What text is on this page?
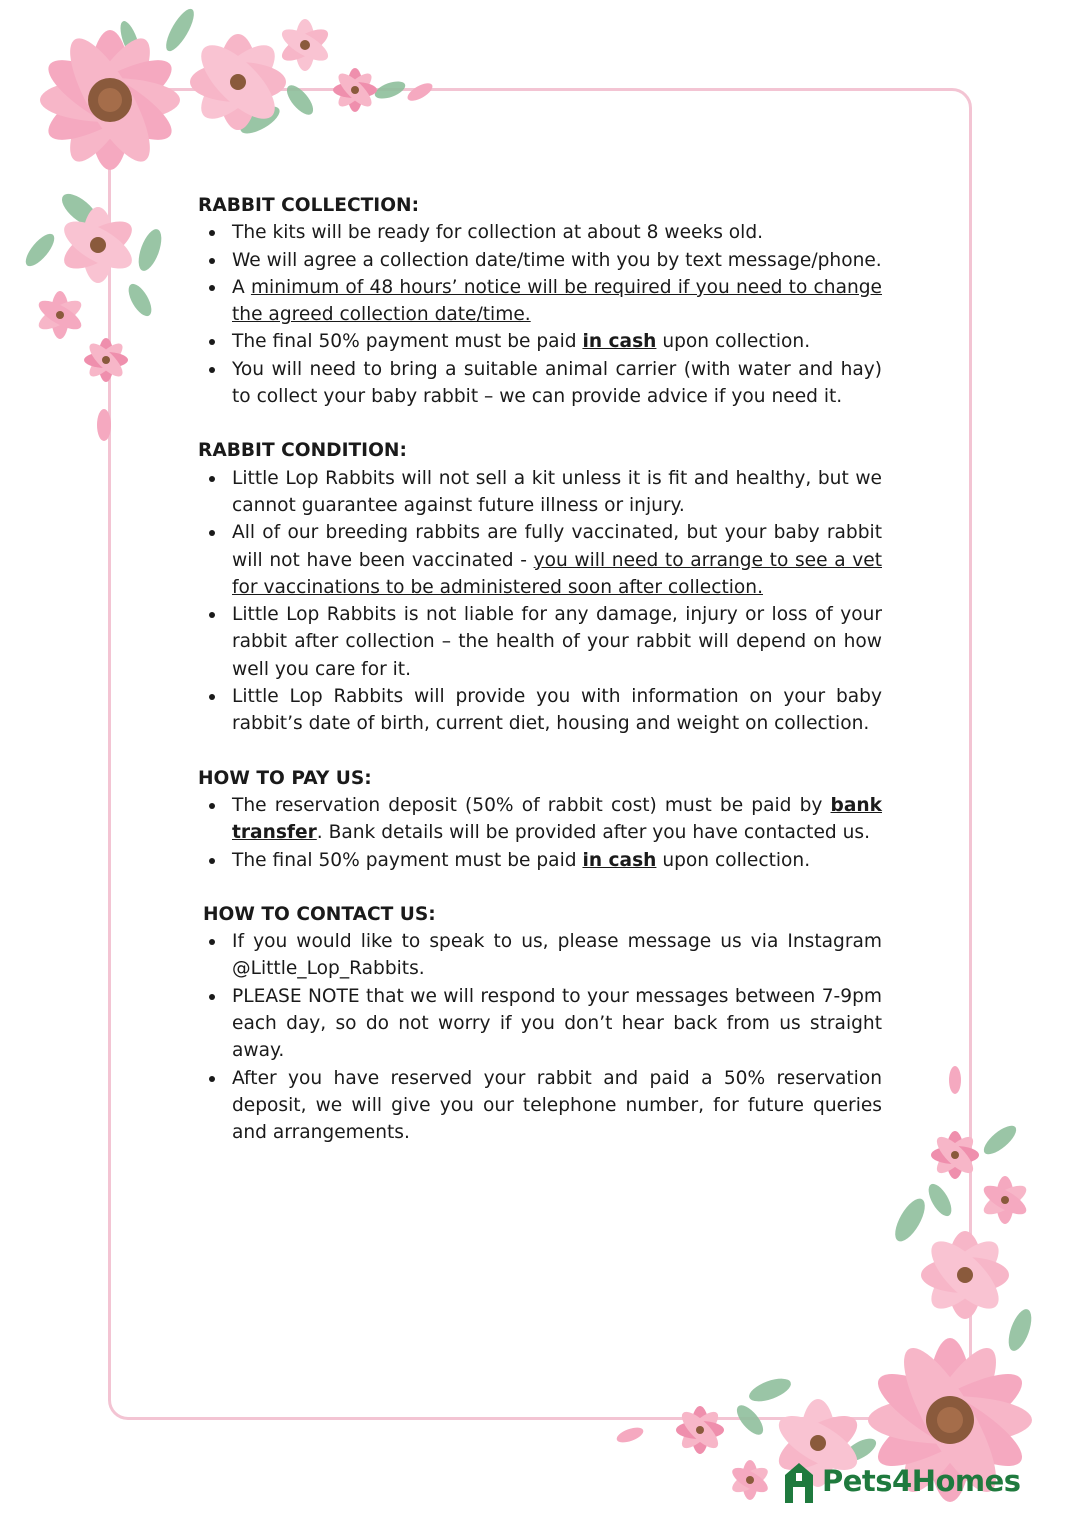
RABBIT COLLECTION:

The kits will be ready for collection at about 8 weeks old.
We will agree a collection date/time with you by text message/phone.
A minimum of 48 hours’ notice will be required if you need to change the agreed collection date/time.
The final 50% payment must be paid in cash upon collection.
You will need to bring a suitable animal carrier (with water and hay) to collect your baby rabbit – we can provide advice if you need it.

RABBIT CONDITION:

Little Lop Rabbits will not sell a kit unless it is fit and healthy, but we cannot guarantee against future illness or injury.
All of our breeding rabbits are fully vaccinated, but your baby rabbit will not have been vaccinated - you will need to arrange to see a vet for vaccinations to be administered soon after collection.
Little Lop Rabbits is not liable for any damage, injury or loss of your rabbit after collection – the health of your rabbit will depend on how well you care for it.
Little Lop Rabbits will provide you with information on your baby rabbit’s date of birth, current diet, housing and weight on collection.

HOW TO PAY US:

The reservation deposit (50% of rabbit cost) must be paid by bank transfer. Bank details will be provided after you have contacted us.
The final 50% payment must be paid in cash upon collection.

HOW TO CONTACT US:

If you would like to speak to us, please message us via Instagram @Little_Lop_Rabbits.
PLEASE NOTE that we will respond to your messages between 7-9pm each day, so do not worry if you don’t hear back from us straight away.
After you have reserved your rabbit and paid a 50% reservation deposit, we will give you our telephone number, for future queries and arrangements.
Pets4Homes
